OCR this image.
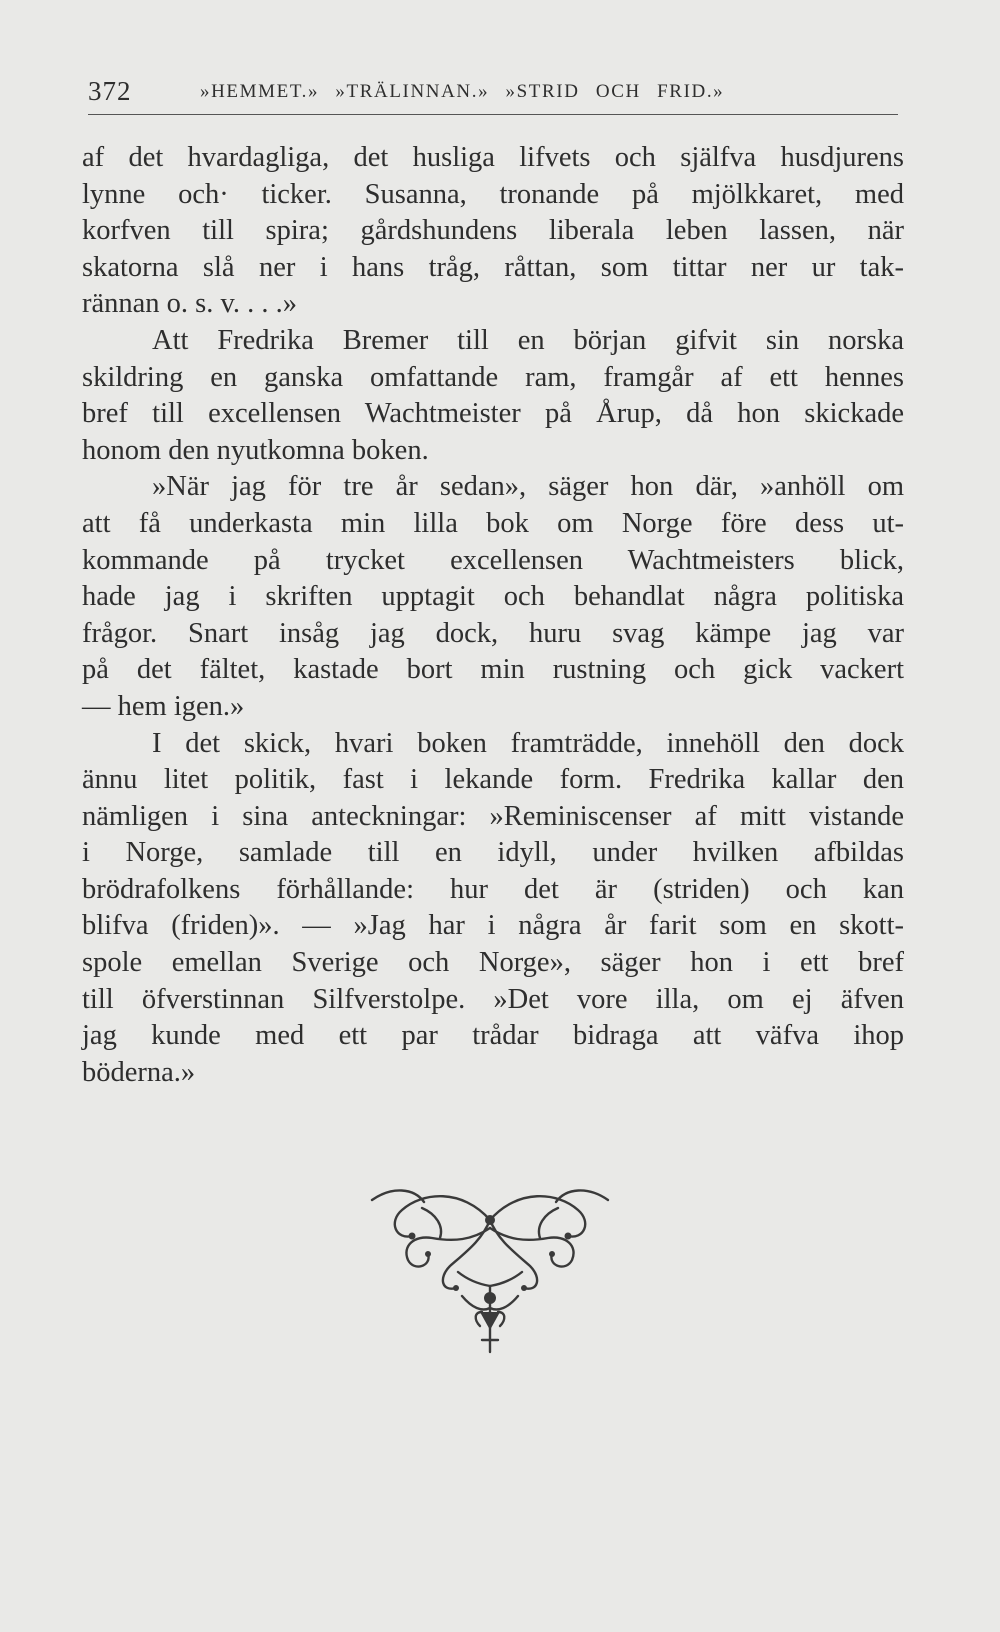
372	»HEMMET.» »TRÄLINNAN.» »STRID OCH FRID.»
af det hvardagliga, det husliga lifvets och själfva husdjurens
lynne och· ticker. Susanna, tronande på mjölkkaret, med
korfven till spira; gårdshundens liberala leben lassen, när
skatorna slå ner i hans tråg, råttan, som tittar ner ur tak-
rännan o. s. v. . . .»
Att Fredrika Bremer till en början gifvit sin norska
skildring en ganska omfattande ram, framgår af ett hennes
bref till excellensen Wachtmeister på Årup, då hon skickade
honom den nyutkomna boken.
»När jag för tre år sedan», säger hon där, »anhöll om
att få underkasta min lilla bok om Norge före dess ut-
kommande på trycket excellensen Wachtmeisters blick,
hade jag i skriften upptagit och behandlat några politiska
frågor. Snart insåg jag dock, huru svag kämpe jag var
på det fältet, kastade bort min rustning och gick vackert
— hem igen.»
I det skick, hvari boken framträdde, innehöll den dock
ännu litet politik, fast i lekande form. Fredrika kallar den
nämligen i sina anteckningar: »Reminiscenser af mitt vistande
i Norge, samlade till en idyll, under hvilken afbildas
brödrafolkens förhållande: hur det är (striden) och kan
blifva (friden)». — »Jag har i några år farit som en skott-
spole emellan Sverige och Norge», säger hon i ett bref
till öfverstinnan Silfverstolpe. »Det vore illa, om ej äfven
jag kunde med ett par trådar bidraga att väfva ihop
böderna.»
